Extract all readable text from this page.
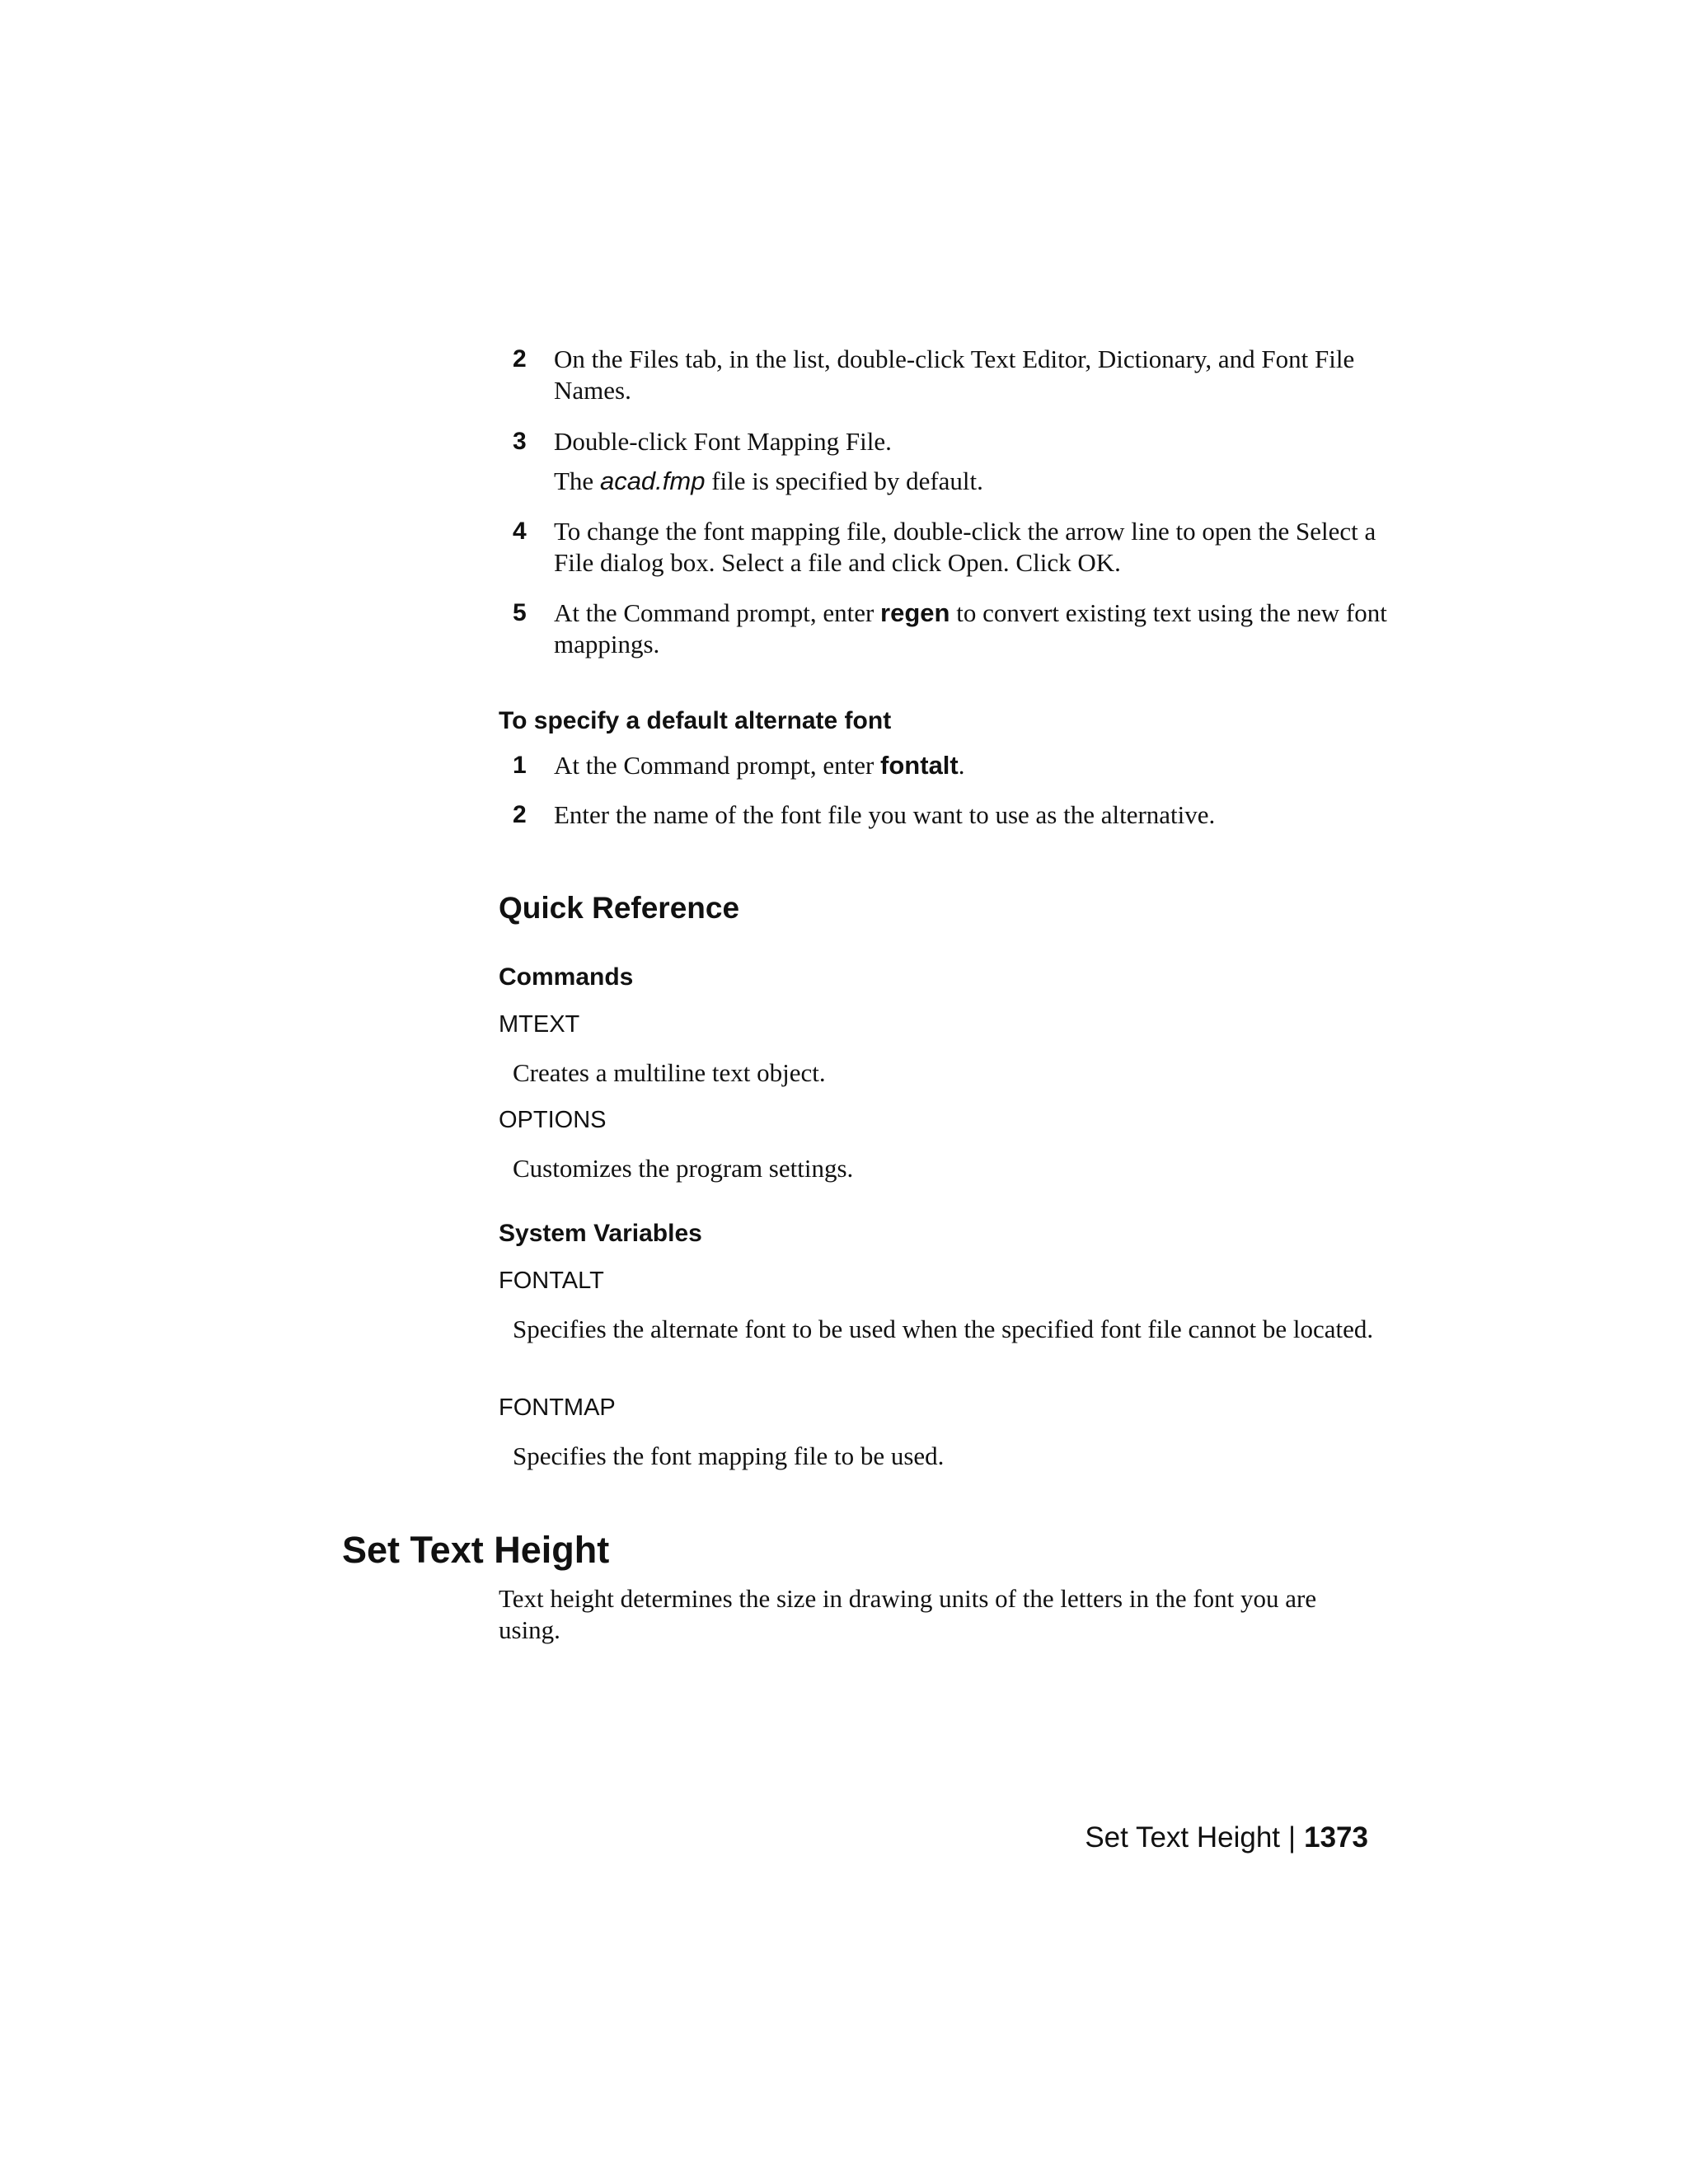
2 On the Files tab, in the list, double-click Text Editor, Dictionary, and Font File Names.
3 Double-click Font Mapping File.
The acad.fmp file is specified by default.
4 To change the font mapping file, double-click the arrow line to open the Select a File dialog box. Select a file and click Open. Click OK.
5 At the Command prompt, enter regen to convert existing text using the new font mappings.
To specify a default alternate font
1 At the Command prompt, enter fontalt.
2 Enter the name of the font file you want to use as the alternative.
Quick Reference
Commands
MTEXT
Creates a multiline text object.
OPTIONS
Customizes the program settings.
System Variables
FONTALT
Specifies the alternate font to be used when the specified font file cannot be located.
FONTMAP
Specifies the font mapping file to be used.
Set Text Height
Text height determines the size in drawing units of the letters in the font you are using.
Set Text Height | 1373
